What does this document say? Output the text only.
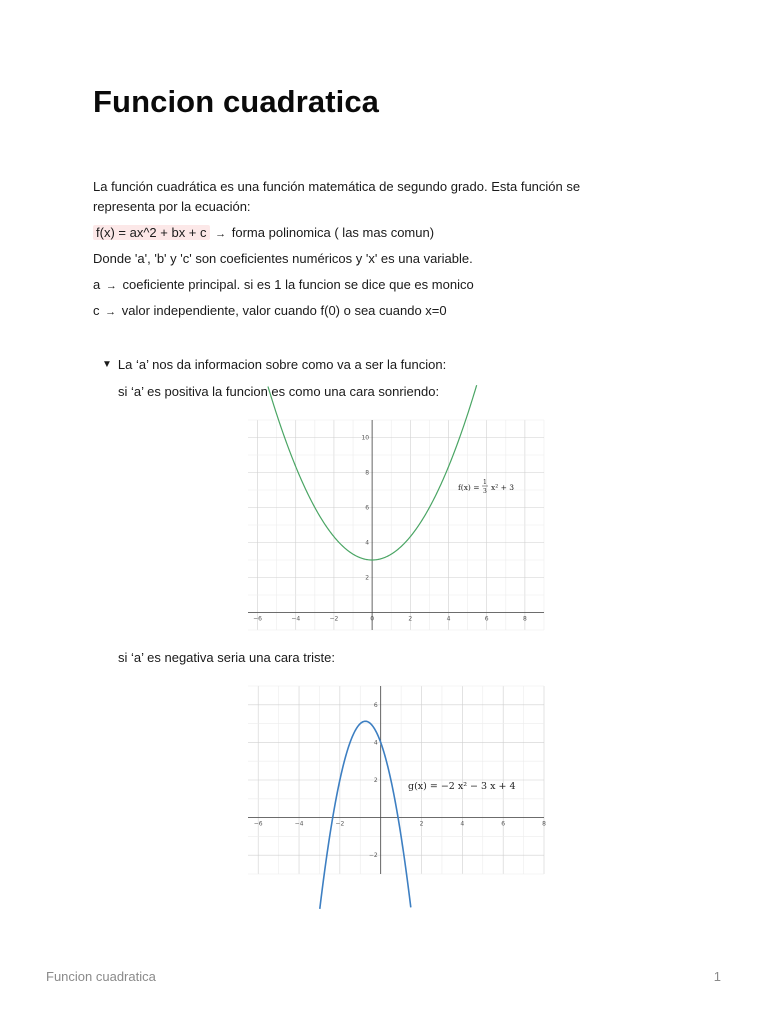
Funcion cuadratica

La función cuadrática es una función matemática de segundo grado. Esta función se

representa por la ecuación:

f(x) = ax^2 + bx + c → forma polinomica ( las mas comun)

Donde 'a', 'b' y 'c' son coeficientes numéricos y 'x' es una variable.

a → coeficiente principal. si es 1 la funcion se dice que es monico

c → valor independiente, valor cuando f(0) o sea cuando x=0

▼ La ‘a’ nos da informacion sobre como va a ser la funcion:
si ‘a’ es positiva la funcion es como una cara sonriendo:
−6	−4	−2	0	2	4	6	8
2
4
6
8
10
f(x) =
1
3 x² + 3
si ‘a’ es negativa seria una cara triste:
−6	−4	−2	2	4	6	8
6
4
2
−2
g(x) = −2 x² − 3 x + 4
Funcion cuadratica	1
